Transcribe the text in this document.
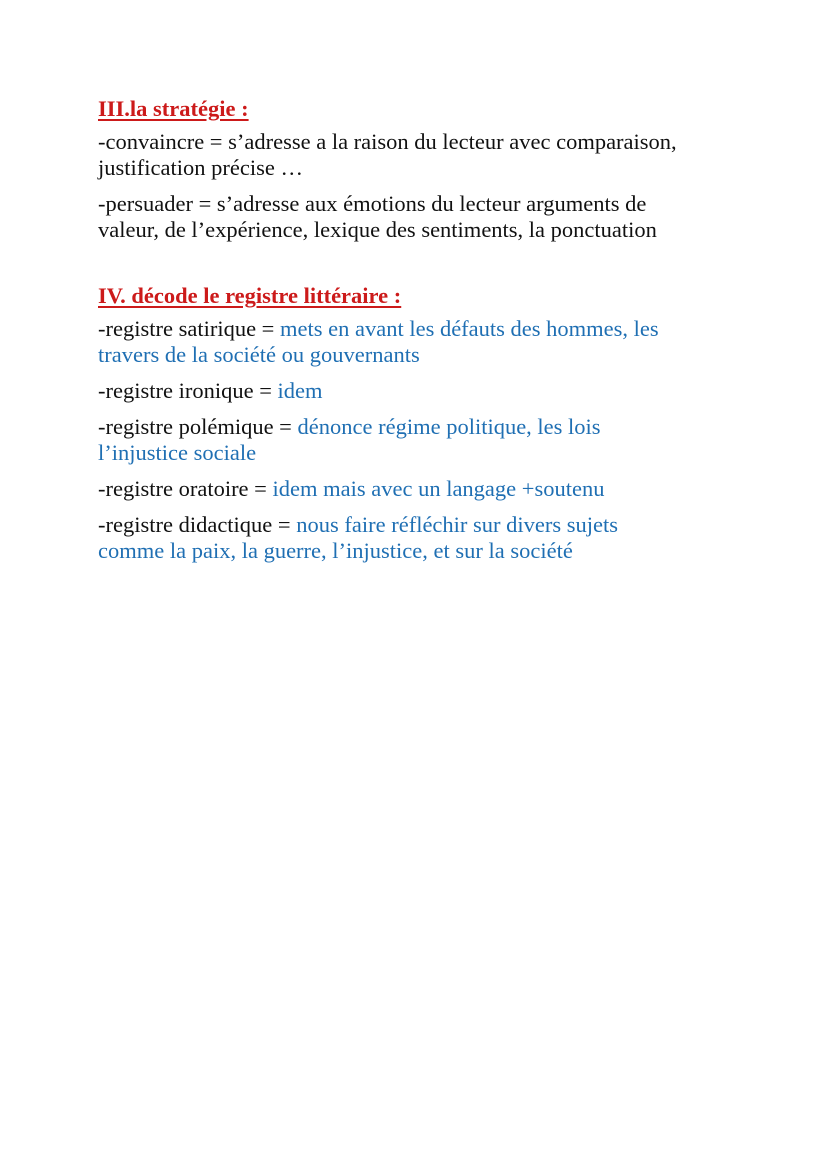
III.la stratégie :
-convaincre = s’adresse a la raison du lecteur avec comparaison,
justification précise …
-persuader = s’adresse aux émotions du lecteur arguments de
valeur, de l’expérience, lexique des sentiments, la ponctuation
IV. décode le registre littéraire :
-registre satirique = mets en avant les défauts des hommes, les
travers de la société ou gouvernants
-registre ironique = idem
-registre polémique = dénonce régime politique, les lois
l’injustice sociale
-registre oratoire = idem mais avec un langage +soutenu
-registre didactique = nous faire réfléchir sur divers sujets
comme la paix, la guerre, l’injustice, et sur la société
